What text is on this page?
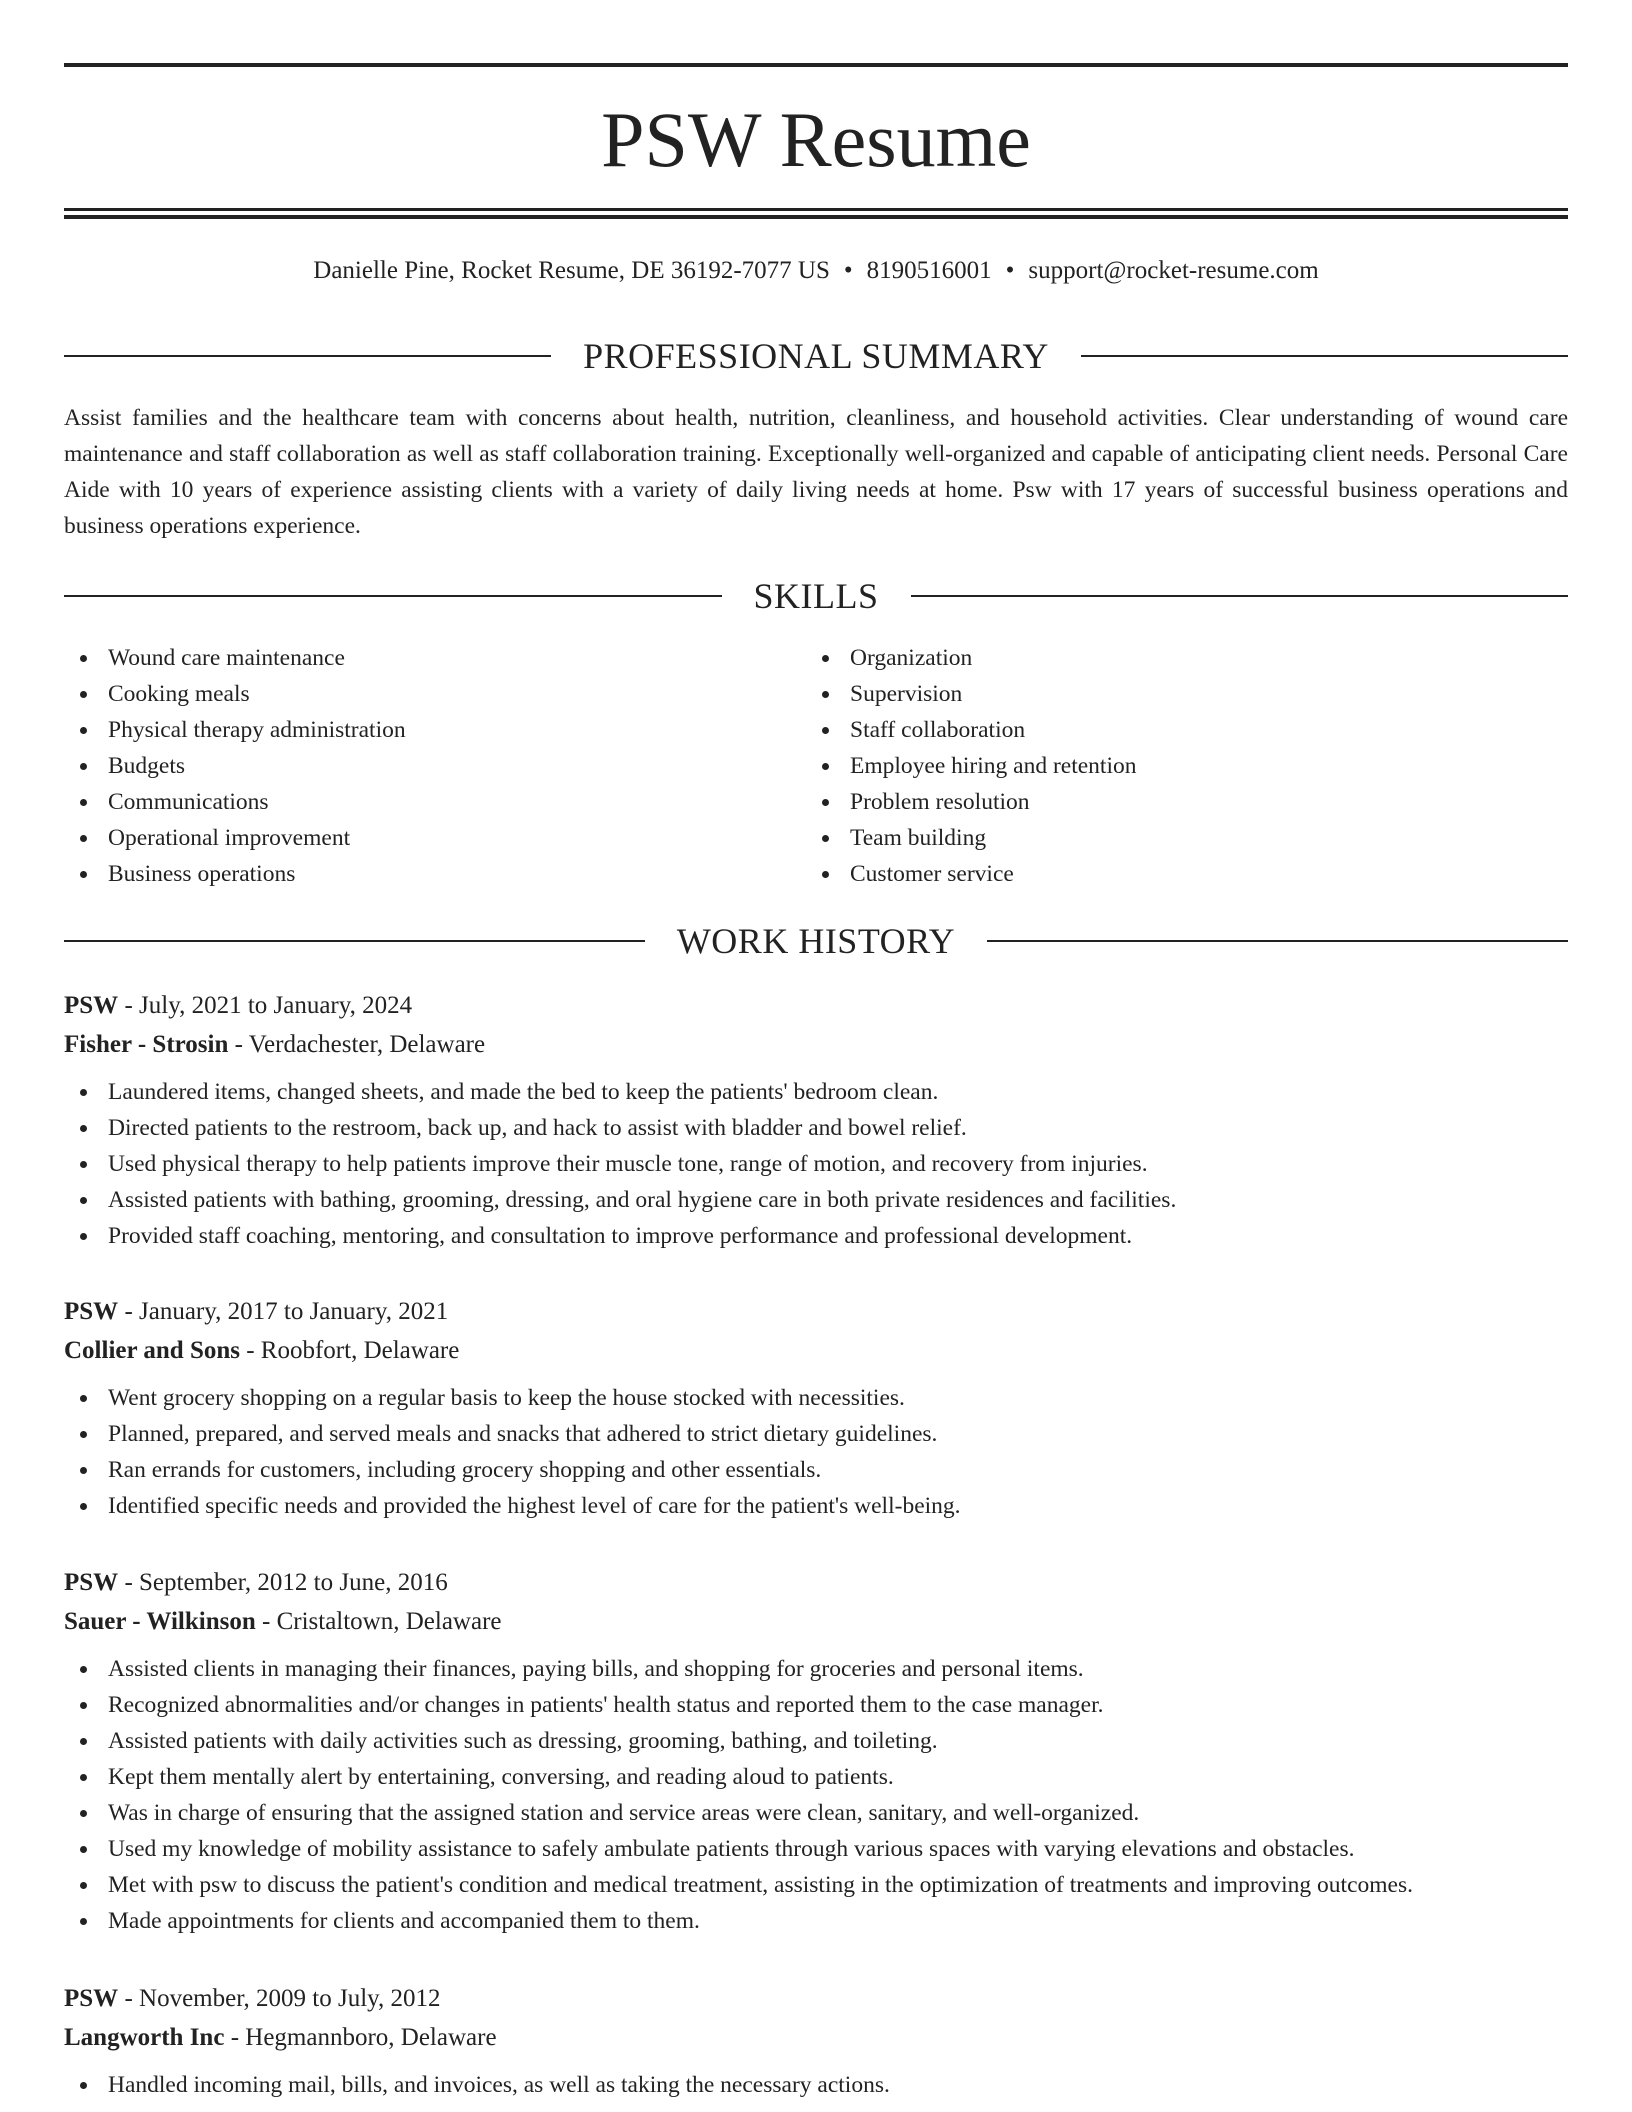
PSW Resume
Danielle Pine, Rocket Resume, DE 36192-7077 US • 8190516001 • support@rocket-resume.com
PROFESSIONAL SUMMARY

Assist families and the healthcare team with concerns about health, nutrition, cleanliness, and household activities. Clear understanding of wound care maintenance and staff collaboration as well as staff collaboration training. Exceptionally well-organized and capable of anticipating client needs. Personal Care Aide with 10 years of experience assisting clients with a variety of daily living needs at home. Psw with 17 years of successful business operations and business operations experience.

SKILLS
Wound care maintenance
Cooking meals
Physical therapy administration
Budgets
Communications
Operational improvement
Business operations
Organization
Supervision
Staff collaboration
Employee hiring and retention
Problem resolution
Team building
Customer service
WORK HISTORY
PSW - July, 2021 to January, 2024
Fisher - Strosin - Verdachester, Delaware
Laundered items, changed sheets, and made the bed to keep the patients' bedroom clean.
Directed patients to the restroom, back up, and hack to assist with bladder and bowel relief.
Used physical therapy to help patients improve their muscle tone, range of motion, and recovery from injuries.
Assisted patients with bathing, grooming, dressing, and oral hygiene care in both private residences and facilities.
Provided staff coaching, mentoring, and consultation to improve performance and professional development.
PSW - January, 2017 to January, 2021
Collier and Sons - Roobfort, Delaware
Went grocery shopping on a regular basis to keep the house stocked with necessities.
Planned, prepared, and served meals and snacks that adhered to strict dietary guidelines.
Ran errands for customers, including grocery shopping and other essentials.
Identified specific needs and provided the highest level of care for the patient's well-being.
PSW - September, 2012 to June, 2016
Sauer - Wilkinson - Cristaltown, Delaware
Assisted clients in managing their finances, paying bills, and shopping for groceries and personal items.
Recognized abnormalities and/or changes in patients' health status and reported them to the case manager.
Assisted patients with daily activities such as dressing, grooming, bathing, and toileting.
Kept them mentally alert by entertaining, conversing, and reading aloud to patients.
Was in charge of ensuring that the assigned station and service areas were clean, sanitary, and well-organized.
Used my knowledge of mobility assistance to safely ambulate patients through various spaces with varying elevations and obstacles.
Met with psw to discuss the patient's condition and medical treatment, assisting in the optimization of treatments and improving outcomes.
Made appointments for clients and accompanied them to them.
PSW - November, 2009 to July, 2012
Langworth Inc - Hegmannboro, Delaware
Handled incoming mail, bills, and invoices, as well as taking the necessary actions.
